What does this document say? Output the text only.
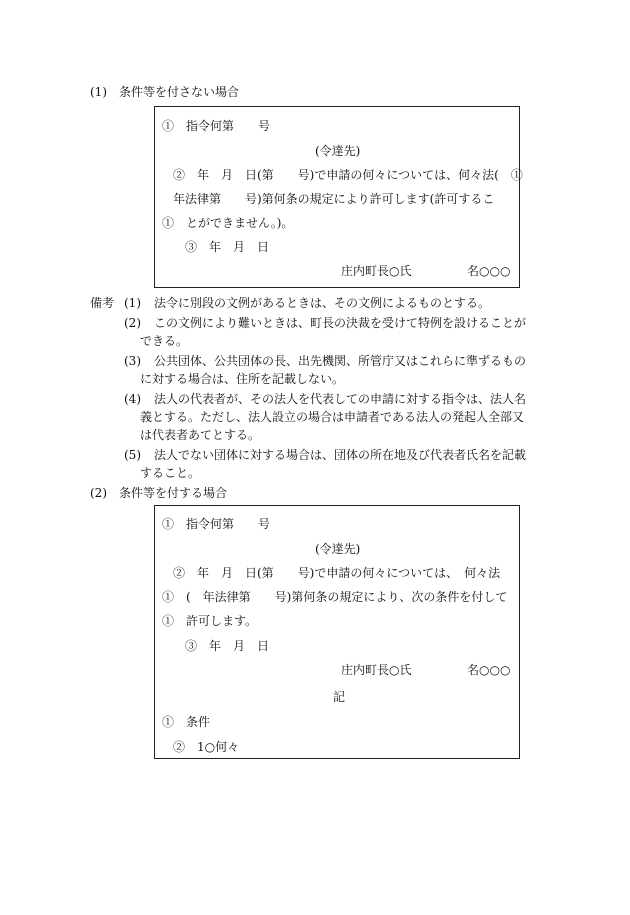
(1)　条件等を付さない場合
①　指令何第　　号
(令達先)
②　年　月　日(第　　号)で申請の何々については、何々法(　①
年法律第　　号)第何条の規定により許可します(許可するこ
①　とができません。)。
③　年　月　日
庄内町長○氏	名○○○
備考 (1) 法令に別段の文例があるときは、その文例によるものとする。
(2) この文例により難いときは、町長の決裁を受けて特例を設けることが
できる。
(3) 公共団体、公共団体の長、出先機関、所管庁又はこれらに準ずるもの
に対する場合は、住所を記載しない。
(4) 法人の代表者が、その法人を代表しての申請に対する指令は、法人名
義とする。ただし、法人設立の場合は申請者である法人の発起人全部又
は代表者あてとする。
(5) 法人でない団体に対する場合は、団体の所在地及び代表者氏名を記載
すること。
(2)　条件等を付する場合
①　指令何第　　号
(令達先)
②　年　月　日(第　　号)で申請の何々については、　何々法
①　(　年法律第　　号)第何条の規定により、次の条件を付して
①　許可します。
③　年　月　日
庄内町長○氏	名○○○
記
①　条件
②　1○何々
